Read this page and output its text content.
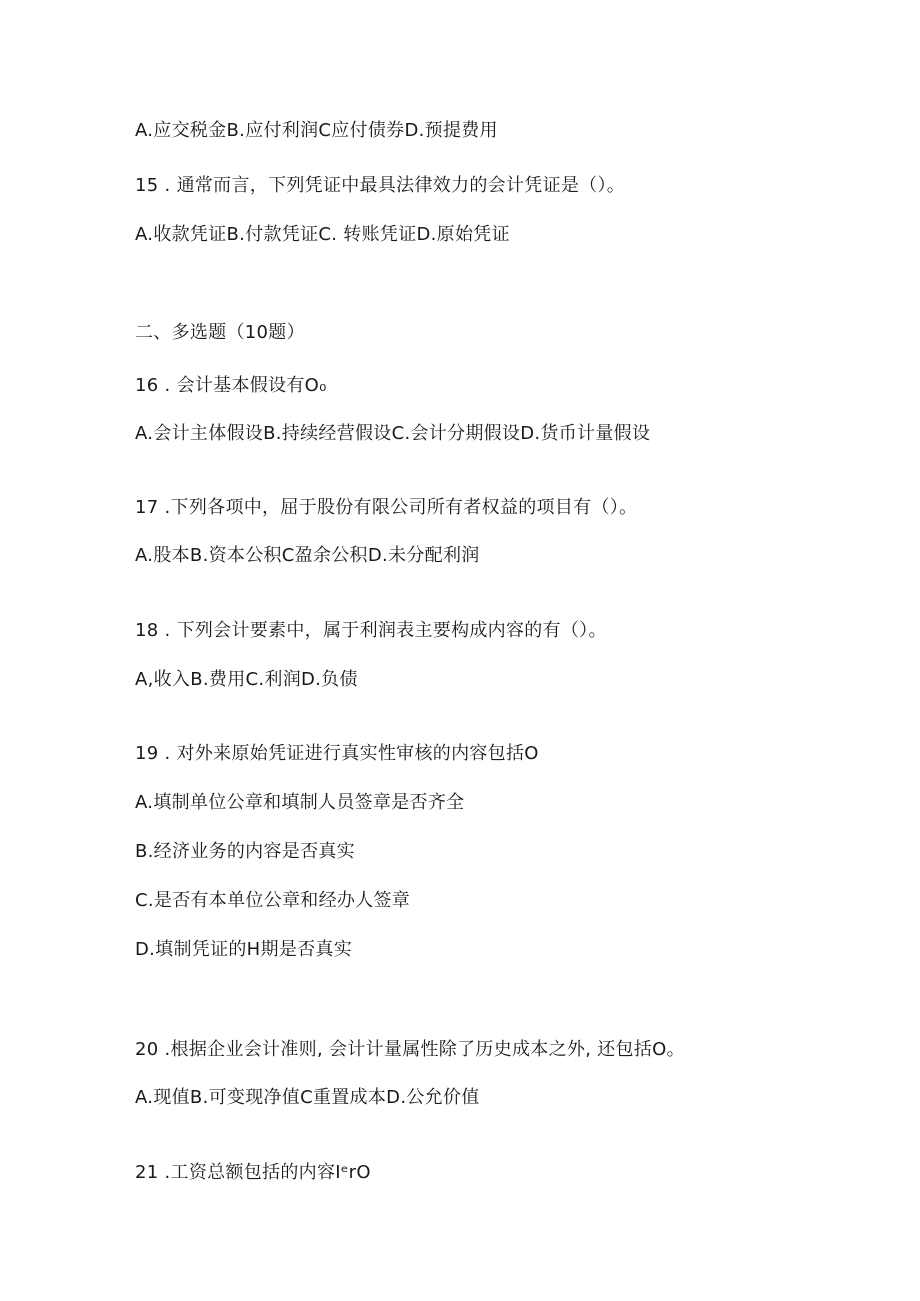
A.应交税金B.应付利润C应付债券D.预提费用
15 . 通常而言，下列凭证中最具法律效力的会计凭证是（）。
A.收款凭证B.付款凭证C. 转账凭证D.原始凭证
二、多选题（10题）
16 . 会计基本假设有O₀
A.会计主体假设B.持续经营假设C.会计分期假设D.货币计量假设
17 .下列各项中，屈于股份有限公司所有者权益的项目有（）。
A.股本B.资本公积C盈余公积D.未分配利润
18 . 下列会计要素中，属于利润表主要构成内容的有（）。
A,收入B.费用C.利润D.负债
19 . 对外来原始凭证进行真实性审核的内容包括O
A.填制单位公章和填制人员签章是否齐全
B.经济业务的内容是否真实
C.是否有本单位公章和经办人签章
D.填制凭证的H期是否真实
20 .根据企业会计准则, 会计计量属性除了历史成本之外, 还包括O。
A.现值B.可变现净值C重置成本D.公允价值
21 .工资总额包括的内容IᵉrO
